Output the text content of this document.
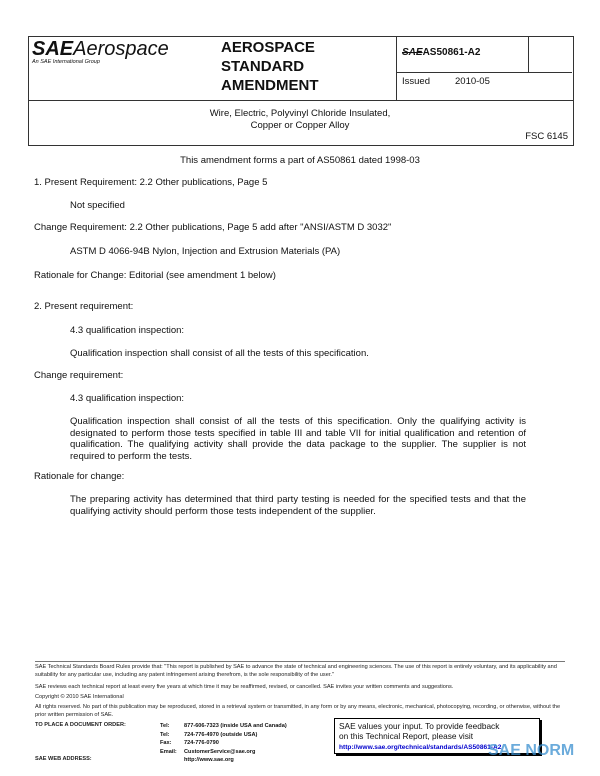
SAEAerospace
An SAE International Group
AEROSPACE
STANDARD
AMENDMENT
SAEAS50861-A2
Issued	2010-05
Wire, Electric, Polyvinyl Chloride Insulated,
Copper or Copper Alloy
FSC 6145
This amendment forms a part of AS50861 dated 1998-03
1. Present Requirement: 2.2 Other publications, Page 5
Not specified
Change Requirement: 2.2 Other publications, Page 5 add after "ANSI/ASTM D 3032"
ASTM D 4066-94B Nylon, Injection and Extrusion Materials (PA)
Rationale for Change: Editorial (see amendment 1 below)
2. Present requirement:
4.3 qualification inspection:
Qualification inspection shall consist of all the tests of this specification.
Change requirement:
4.3 qualification inspection:
Qualification inspection shall consist of all the tests of this specification. Only the qualifying activity is designated to perform those tests specified in table III and table VII for initial qualification and retention of qualification. The qualifying activity shall provide the data package to the supplier. The supplier is not required to perform the tests.
Rationale for change:
The preparing activity has determined that third party testing is needed for the specified tests and that the qualifying activity should perform those tests independent of the supplier.
SAE Technical Standards Board Rules provide that: "This report is published by SAE to advance the state of technical and engineering sciences. The use of this report is entirely voluntary, and its applicability and suitability for any particular use, including any patent infringement arising therefrom, is the sole responsibility of the user."
SAE reviews each technical report at least every five years at which time it may be reaffirmed, revised, or cancelled. SAE invites your written comments and suggestions.
Copyright © 2010 SAE International
All rights reserved. No part of this publication may be reproduced, stored in a retrieval system or transmitted, in any form or by any means, electronic, mechanical, photocopying, recording, or otherwise, without the prior written permission of SAE.
TO PLACE A DOCUMENT ORDER:	Tel:	877-606-7323 (inside USA and Canada)
Tel:	724-776-4970 (outside USA)
Fax: 724-776-0790
Email: CustomerService@sae.org
http://www.sae.org
SAE WEB ADDRESS:
SAE values your input. To provide feedback
on this Technical Report, please visit
http://www.sae.org/technical/standards/AS50861-A2
SAE NORM
